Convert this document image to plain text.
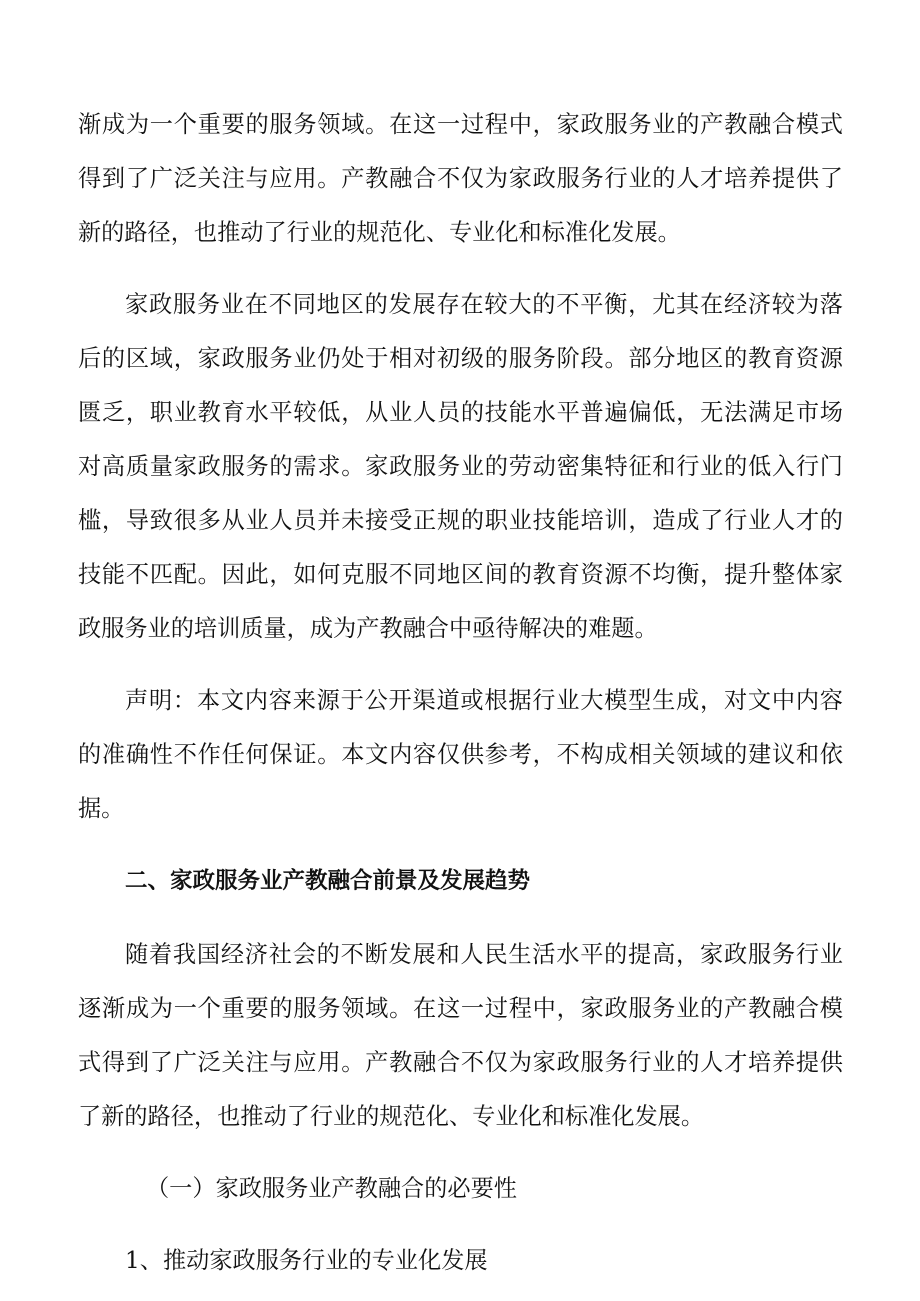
渐成为一个重要的服务领域。在这一过程中，家政服务业的产教融合模式得到了广泛关注与应用。产教融合不仅为家政服务行业的人才培养提供了新的路径，也推动了行业的规范化、专业化和标准化发展。

家政服务业在不同地区的发展存在较大的不平衡，尤其在经济较为落后的区域，家政服务业仍处于相对初级的服务阶段。部分地区的教育资源匮乏，职业教育水平较低，从业人员的技能水平普遍偏低，无法满足市场对高质量家政服务的需求。家政服务业的劳动密集特征和行业的低入行门槛，导致很多从业人员并未接受正规的职业技能培训，造成了行业人才的技能不匹配。因此，如何克服不同地区间的教育资源不均衡，提升整体家政服务业的培训质量，成为产教融合中亟待解决的难题。

声明：本文内容来源于公开渠道或根据行业大模型生成，对文中内容的准确性不作任何保证。本文内容仅供参考，不构成相关领域的建议和依据。

二、家政服务业产教融合前景及发展趋势

随着我国经济社会的不断发展和人民生活水平的提高，家政服务行业逐渐成为一个重要的服务领域。在这一过程中，家政服务业的产教融合模式得到了广泛关注与应用。产教融合不仅为家政服务行业的人才培养提供了新的路径，也推动了行业的规范化、专业化和标准化发展。

（一）家政服务业产教融合的必要性

1、推动家政服务行业的专业化发展
